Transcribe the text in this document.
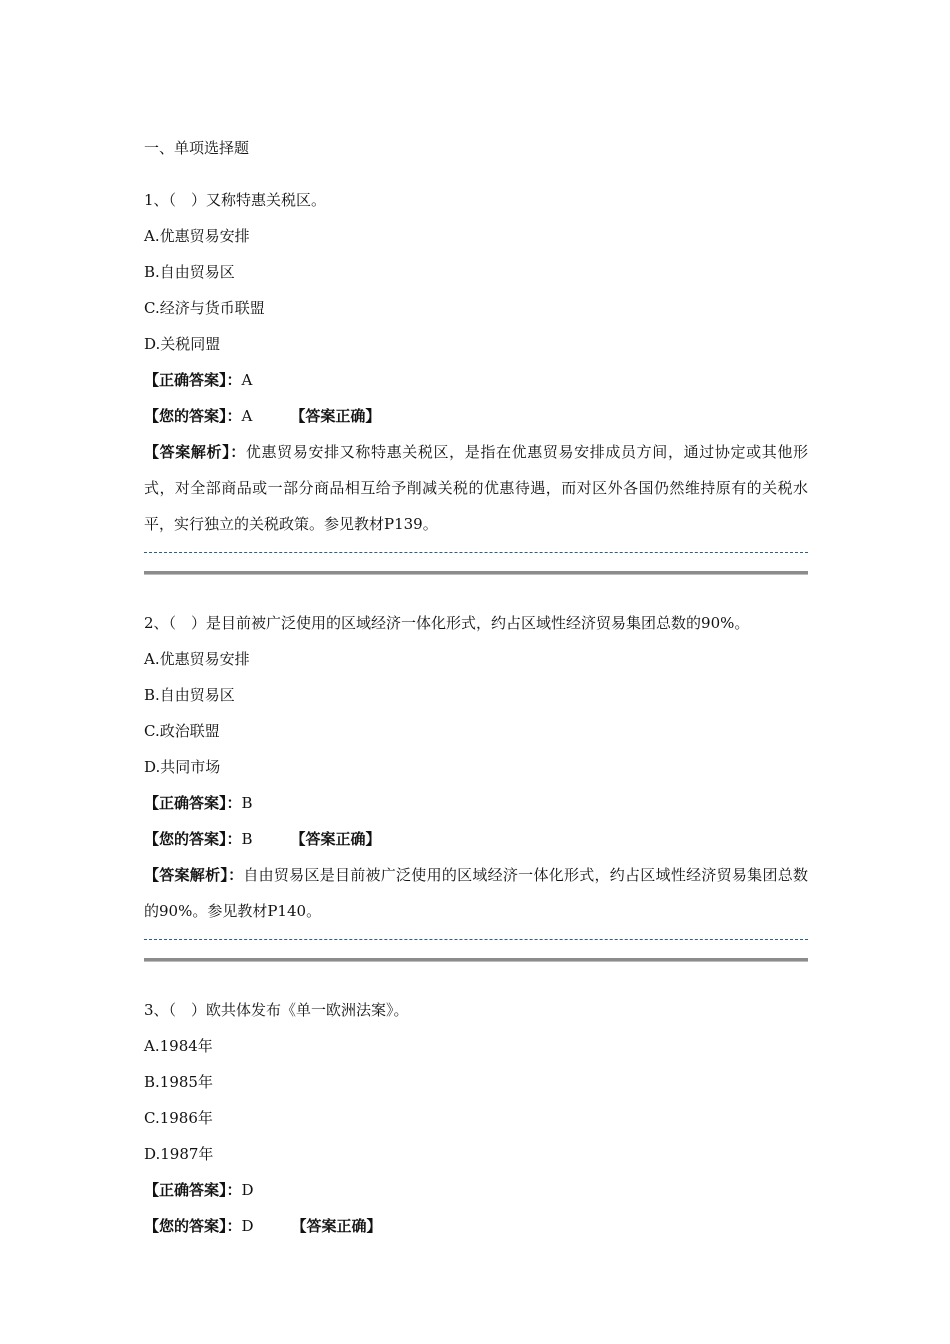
一、单项选择题
1、（　）又称特惠关税区。
A.优惠贸易安排
B.自由贸易区
C.经济与货币联盟
D.关税同盟
【正确答案】：A
【您的答案】：A	【答案正确】
【答案解析】：优惠贸易安排又称特惠关税区，是指在优惠贸易安排成员方间，通过协定或其他形式，对全部商品或一部分商品相互给予削减关税的优惠待遇，而对区外各国仍然维持原有的关税水平，实行独立的关税政策。参见教材P139。
2、（　）是目前被广泛使用的区域经济一体化形式，约占区域性经济贸易集团总数的90%。
A.优惠贸易安排
B.自由贸易区
C.政治联盟
D.共同市场
【正确答案】：B
【您的答案】：B	【答案正确】
【答案解析】：自由贸易区是目前被广泛使用的区域经济一体化形式，约占区域性经济贸易集团总数的90%。参见教材P140。
3、（　）欧共体发布《单一欧洲法案》。
A.1984年
B.1985年
C.1986年
D.1987年
【正确答案】：D
【您的答案】：D	【答案正确】
